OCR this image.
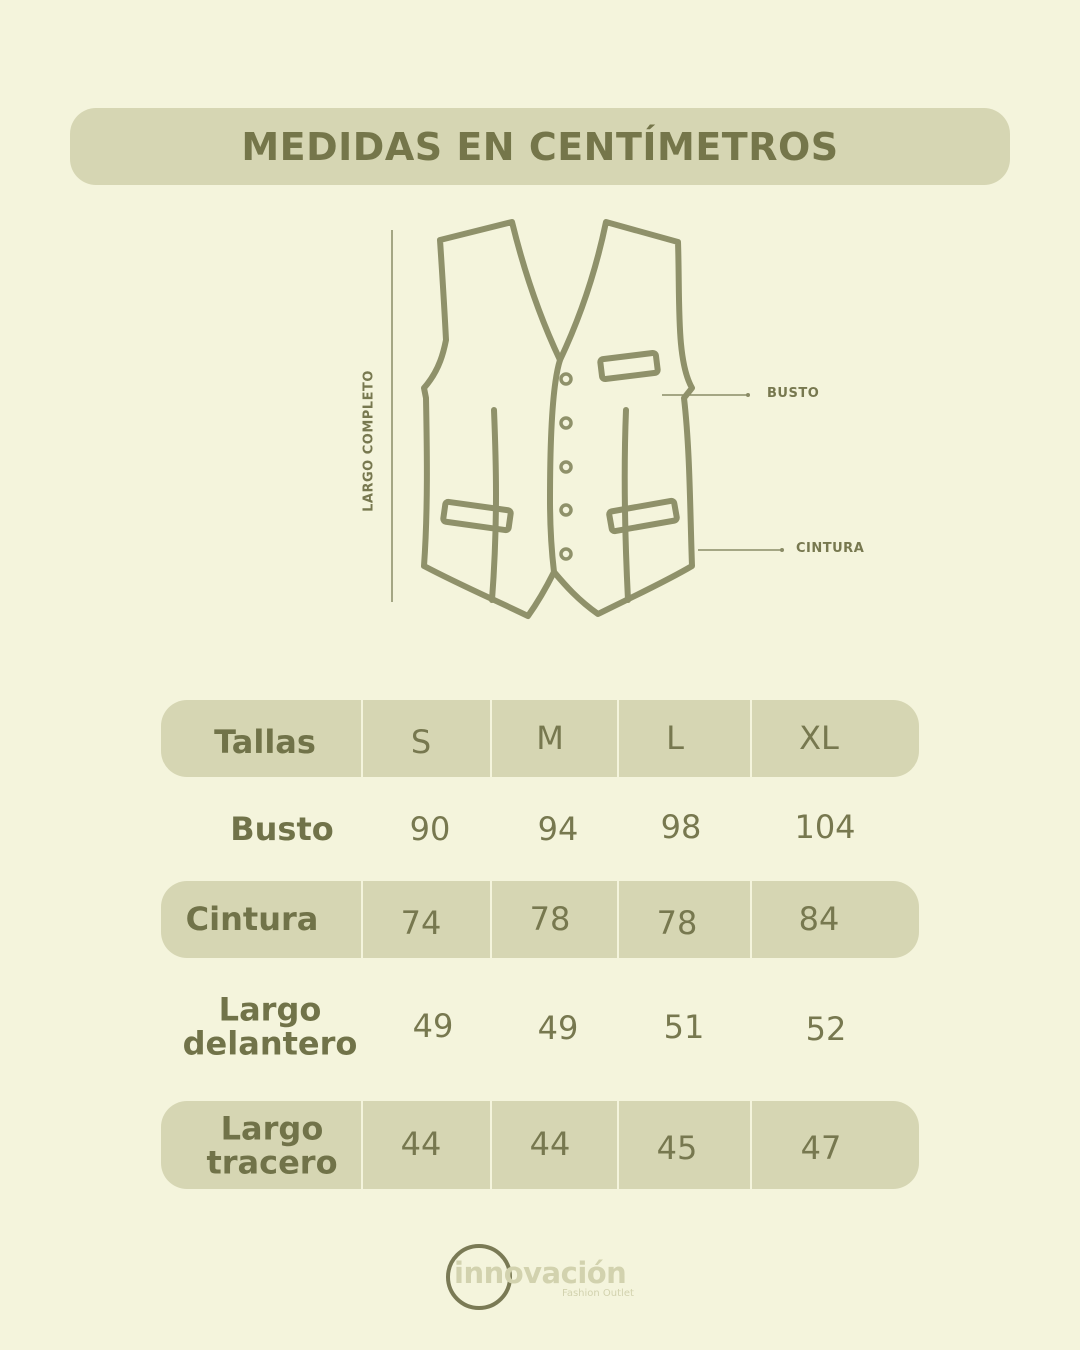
MEDIDAS EN CENTÍMETROS
LARGO COMPLETO	BUSTO
CINTURA
Tallas	S	M	L	XL
Busto 90	94	98	104
Cintura	74	78	78	84
Largo
delantero 49	49	51	52
Largo
tracero 44	44	45	47
innovación
Fashion Outlet
